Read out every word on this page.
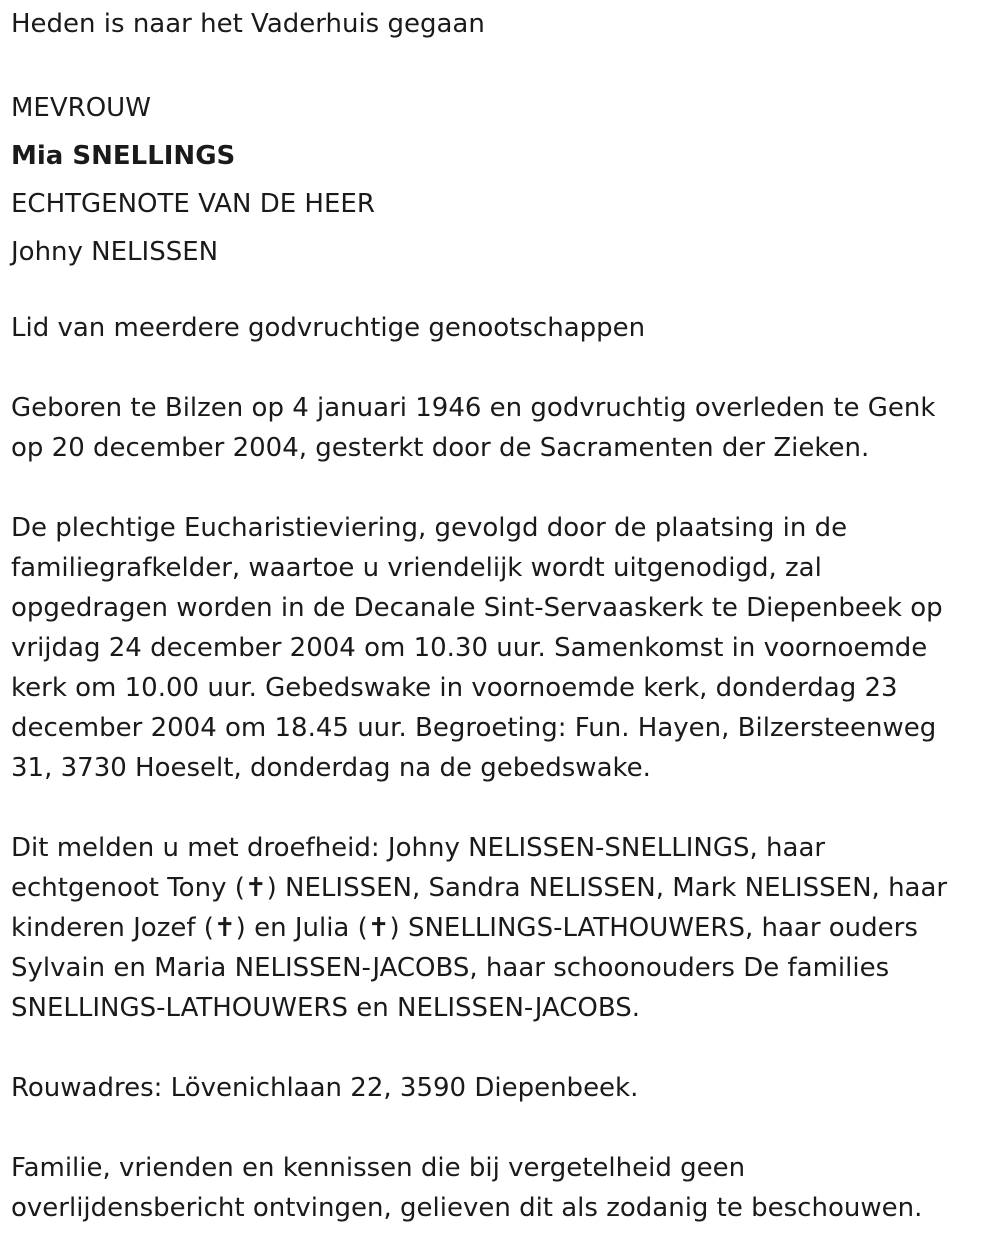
Heden is naar het Vaderhuis gegaan
MEVROUW
Mia SNELLINGS
ECHTGENOTE VAN DE HEER
Johny NELISSEN
Lid van meerdere godvruchtige genootschappen
Geboren te Bilzen op 4 januari 1946 en godvruchtig overleden te Genk
op 20 december 2004, gesterkt door de Sacramenten der Zieken.
De plechtige Eucharistieviering, gevolgd door de plaatsing in de
familiegrafkelder, waartoe u vriendelijk wordt uitgenodigd, zal
opgedragen worden in de Decanale Sint-Servaaskerk te Diepenbeek op
vrijdag 24 december 2004 om 10.30 uur. Samenkomst in voornoemde
kerk om 10.00 uur. Gebedswake in voornoemde kerk, donderdag 23
december 2004 om 18.45 uur. Begroeting: Fun. Hayen, Bilzersteenweg
31, 3730 Hoeselt, donderdag na de gebedswake.
Dit melden u met droefheid: Johny NELISSEN-SNELLINGS, haar
echtgenoot Tony (✝) NELISSEN, Sandra NELISSEN, Mark NELISSEN, haar
kinderen Jozef (✝) en Julia (✝) SNELLINGS-LATHOUWERS, haar ouders
Sylvain en Maria NELISSEN-JACOBS, haar schoonouders De families
SNELLINGS-LATHOUWERS en NELISSEN-JACOBS.
Rouwadres: Lövenichlaan 22, 3590 Diepenbeek.
Familie, vrienden en kennissen die bij vergetelheid geen
overlijdensbericht ontvingen, gelieven dit als zodanig te beschouwen.
